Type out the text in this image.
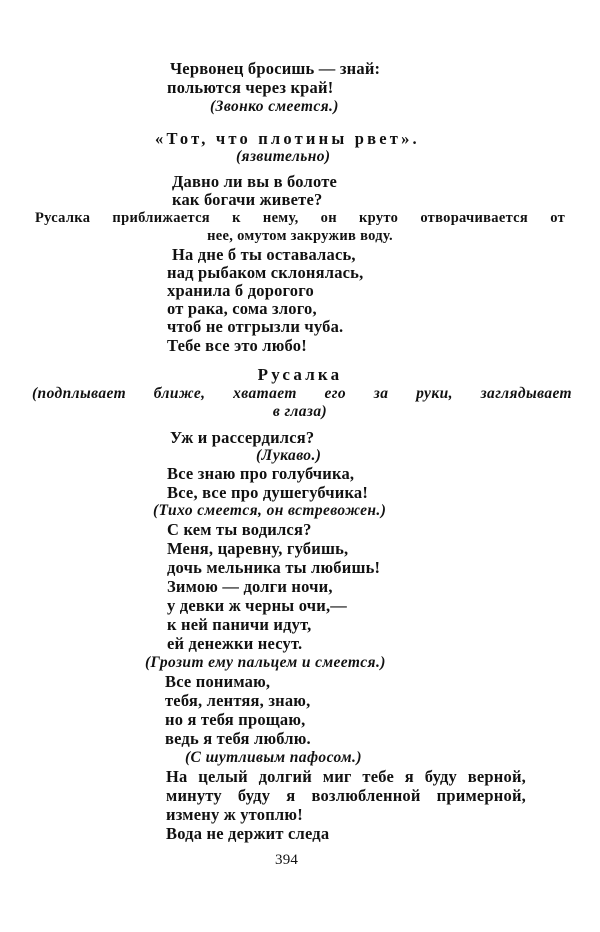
Червонец бросишь — знай:
польются через край!
(Звонко смеется.)
«Тот, что плотины рвет».
(язвительно)
Давно ли вы в болоте
как богачи живете?
Русалка приближается к нему, он круто отворачивается от
нее, омутом закружив воду.
На дне б ты оставалась,
над рыбаком склонялась,
хранила б дорогого
от рака, сома злого,
чтоб не отгрызли чуба.
Тебе все это любо!
Русалка
(подплывает ближе, хватает его за руки, заглядывает
в глаза)
Уж и рассердился?
(Лукаво.)
Все знаю про голубчика,
Все, все про душегубчика!
(Тихо смеется, он встревожен.)
С кем ты водился?
Меня, царевну, губишь,
дочь мельника ты любишь!
Зимою — долги ночи,
у девки ж черны очи,—
к ней паничи идут,
ей денежки несут.
(Грозит ему пальцем и смеется.)
Все понимаю,
тебя, лентяя, знаю,
но я тебя прощаю,
ведь я тебя люблю.
(С шутливым пафосом.)
На целый долгий миг тебе я буду верной,
минуту буду я возлюбленной примерной,
измену ж утоплю!
Вода не держит следа
394
